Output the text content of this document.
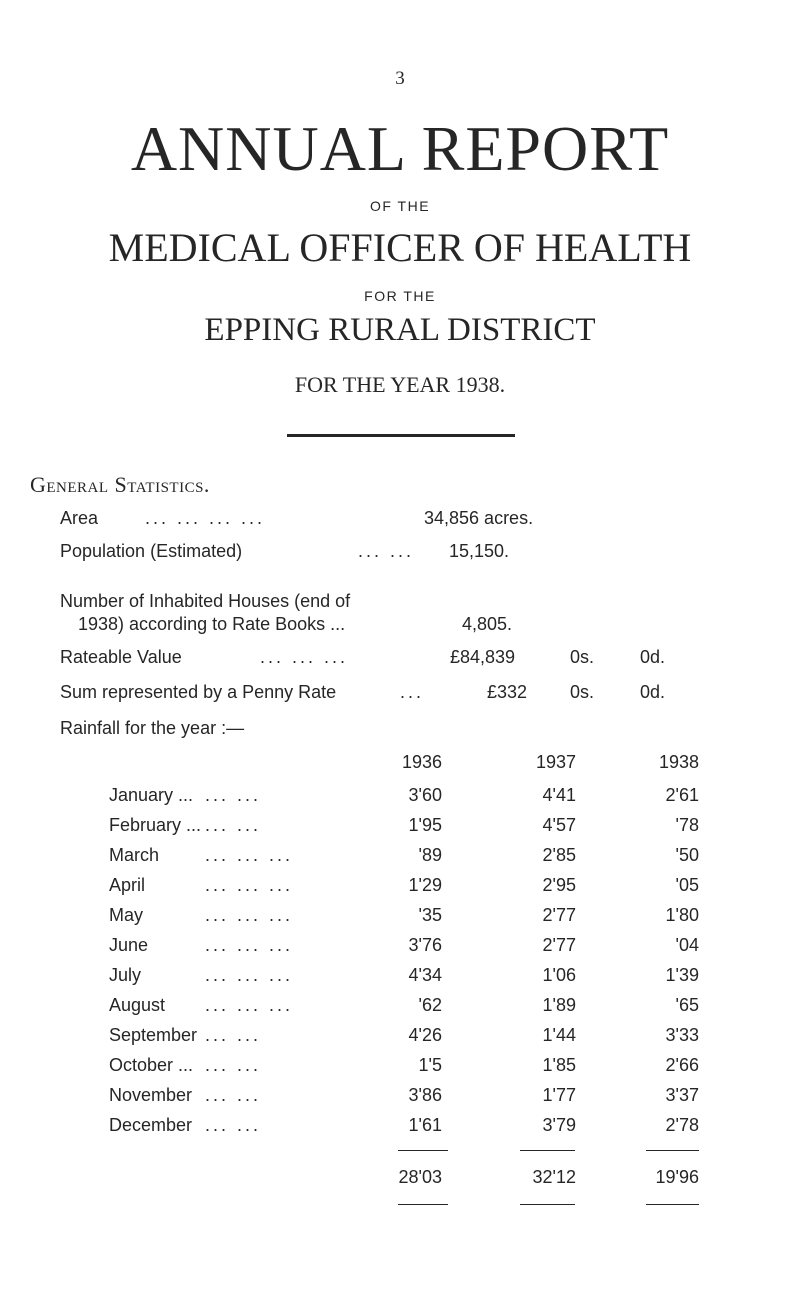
3
ANNUAL REPORT
OF THE
MEDICAL OFFICER OF HEALTH
FOR THE
EPPING RURAL DISTRICT
FOR THE YEAR 1938.
General Statistics.
Area	... ... ... ...	34,856 acres.
Population (Estimated)	... ... 15,150.
Number of Inhabited Houses (end of
1938) according to Rate Books ...	4,805.
Rateable Value	... ... ...	£84,839	0s.	0d.
Sum represented by a Penny Rate	...	£332 0s.	0d.
Rainfall for the year :—
1936	1937	1938
January ... ... ...	3'60	4'41	2'61
February ... ... ...	1'95	4'57	'78
March	... ... ...	'89	2'85	'50
April	... ... ...	1'29	2'95	'05
May	... ... ...	'35	2'77	1'80
June	... ... ...	3'76	2'77	'04
July	... ... ...	4'34	1'06	1'39
August ... ... ...	'62	1'89	'65
September ... ...	4'26	1'44	3'33
October ... ... ...	1'5	1'85	2'66
November ... ...	3'86	1'77	3'37
December ... ...	1'61	3'79	2'78
28'03	32'12	19'96
